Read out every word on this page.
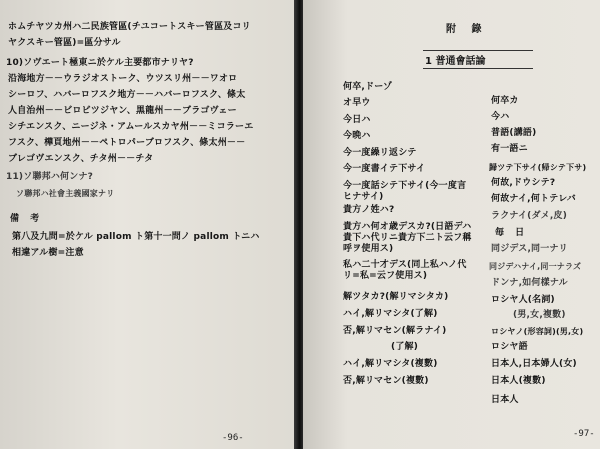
ホムチヤツカ州ハ二民族管區(チユコートスキー管區及コリ
ヤクスキー管區)=區分サル
10)ソヴエート極東ニ於ケル主要都市ナリヤ?
沿海地方－－ウラジオストーク、ウツスリ州－－ワオロ
シーロフ、ハバーロフスク地方－－ハバーロフスク、條太
人自治州－－ビロビツジヤン、黒龍州－－ブラゴヴェー
シチエンスク、ニージネ・アムールスカヤ州－－ミコラーエ
フスク、樺頁地州－－ペトロパーブロフスク、條太州－－
ブレゴヴエンスク、チタ州－－チタ
11)ソ聯邦ハ何ンナ?
ソ聯邦ハ社會主義國家ナリ
備 考
第八及九問=於ケル pallom ト第十一問ノ pallom トニハ
相違アル樹=注意
-96-
附 錄
1 普通會話論
何卒,ドーゾ
オ早ウ
今日ハ
今晩ハ
今一度繰リ返シテ
今一度書イテ下サイ
今一度話シテ下サイ(今一度言ヒナサイ)
貴方ノ姓ハ?
貴方ハ何オ歳デスカ?(日語デハ貴下ハ代リニ貴方下二ト云フ稱呼ヲ使用ス)
私ハ二十才デス(同上私ハノ代リ=私=云フ使用ス)
解ツタカ?(解リマシタカ)
ハイ,解リマシタ(了解)
否,解リマセン(解ラナイ)
(了解)
ハイ,解リマシタ(複數)
否,解リマセン(複數)
何卒カ
今ハ
普語(講語)
有一語ニ
歸ツテ下サイ(帰シテ下サ)
何故,ドウシテ?
何故ナイ,何トテレバ
ラクナイ(ダメ,皮)
毎 日
同ジデス,同一ナリ
同ジデハナイ,同一ナラズ
ドンナ,如何樣ナル
ロシヤ人(名詞)
(男,女,複數)
ロシヤノ(形容詞)(男,女)
ロシヤ語
日本人,日本婦人(女)
日本人(複數)
日本人
-97-
